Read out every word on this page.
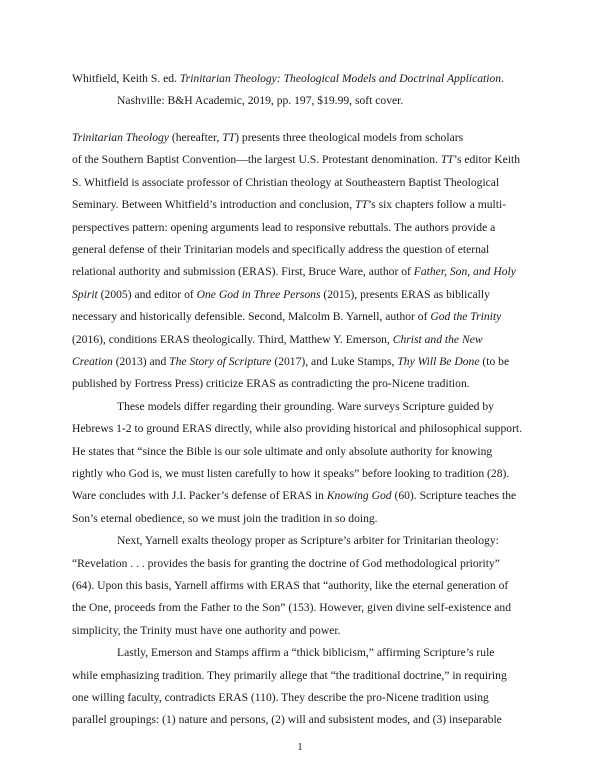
Whitfield, Keith S. ed. Trinitarian Theology: Theological Models and Doctrinal Application.
Nashville: B&H Academic, 2019, pp. 197, $19.99, soft cover.
Trinitarian Theology (hereafter, TT) presents three theological models from scholars
of the Southern Baptist Convention—the largest U.S. Protestant denomination. TT’s editor Keith
S. Whitfield is associate professor of Christian theology at Southeastern Baptist Theological
Seminary. Between Whitfield’s introduction and conclusion, TT’s six chapters follow a multi-
perspectives pattern: opening arguments lead to responsive rebuttals. The authors provide a
general defense of their Trinitarian models and specifically address the question of eternal
relational authority and submission (ERAS). First, Bruce Ware, author of Father, Son, and Holy
Spirit (2005) and editor of One God in Three Persons (2015), presents ERAS as biblically
necessary and historically defensible. Second, Malcolm B. Yarnell, author of God the Trinity
(2016), conditions ERAS theologically. Third, Matthew Y. Emerson, Christ and the New
Creation (2013) and The Story of Scripture (2017), and Luke Stamps, Thy Will Be Done (to be
published by Fortress Press) criticize ERAS as contradicting the pro-Nicene tradition.
These models differ regarding their grounding. Ware surveys Scripture guided by
Hebrews 1-2 to ground ERAS directly, while also providing historical and philosophical support.
He states that “since the Bible is our sole ultimate and only absolute authority for knowing
rightly who God is, we must listen carefully to how it speaks” before looking to tradition (28).
Ware concludes with J.I. Packer’s defense of ERAS in Knowing God (60). Scripture teaches the
Son’s eternal obedience, so we must join the tradition in so doing.
Next, Yarnell exalts theology proper as Scripture’s arbiter for Trinitarian theology:
“Revelation . . . provides the basis for granting the doctrine of God methodological priority”
(64). Upon this basis, Yarnell affirms with ERAS that “authority, like the eternal generation of
the One, proceeds from the Father to the Son” (153). However, given divine self-existence and
simplicity, the Trinity must have one authority and power.
Lastly, Emerson and Stamps affirm a “thick biblicism,” affirming Scripture’s rule
while emphasizing tradition. They primarily allege that “the traditional doctrine,” in requiring
one willing faculty, contradicts ERAS (110). They describe the pro-Nicene tradition using
parallel groupings: (1) nature and persons, (2) will and subsistent modes, and (3) inseparable
1
